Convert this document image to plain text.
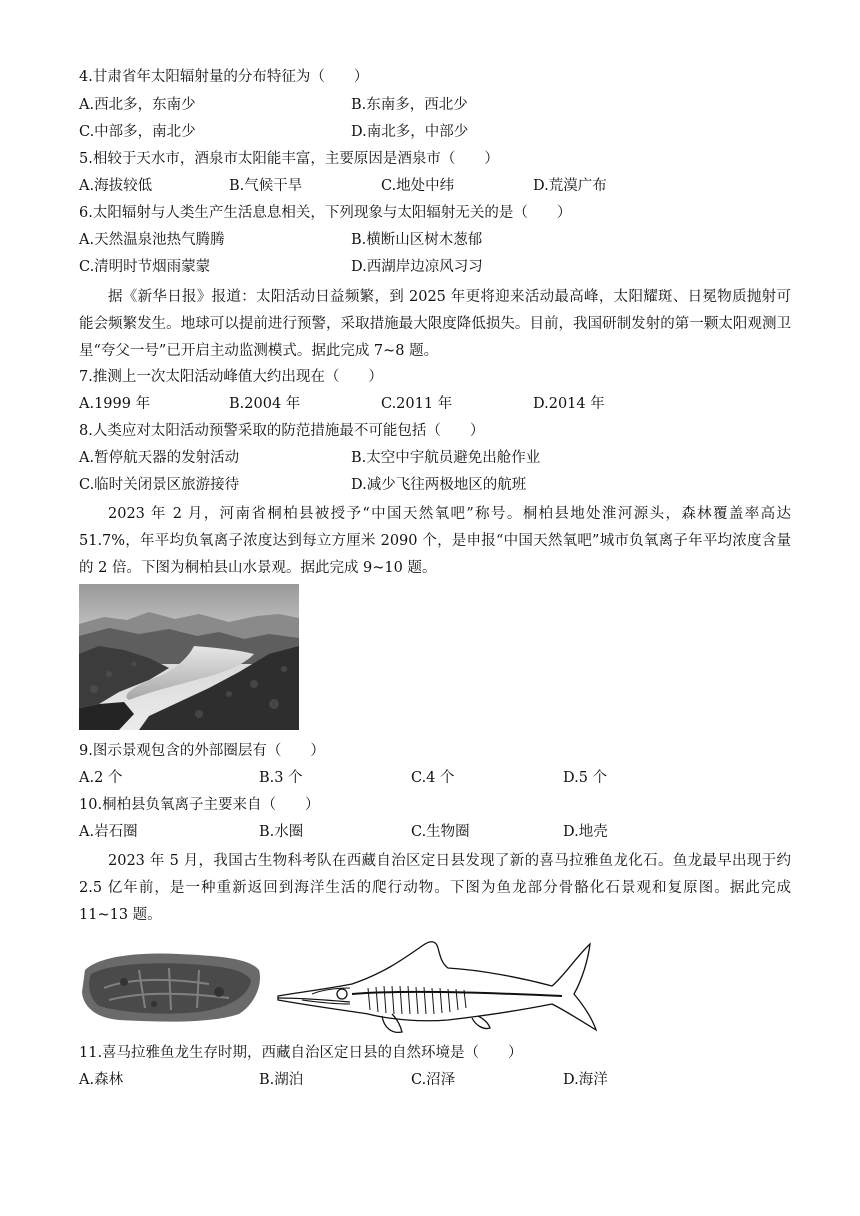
4.甘肃省年太阳辐射量的分布特征为（　　）
A.西北多，东南少	B.东南多，西北少
C.中部多，南北少	D.南北多，中部少
5.相较于天水市，酒泉市太阳能丰富，主要原因是酒泉市（　　）
A.海拔较低	B.气候干旱	C.地处中纬	D.荒漠广布
6.太阳辐射与人类生产生活息息相关，下列现象与太阳辐射无关的是（　　）
A.天然温泉池热气腾腾	B.横断山区树木葱郁
C.清明时节烟雨蒙蒙	D.西湖岸边凉风习习
据《新华日报》报道：太阳活动日益频繁，到 2025 年更将迎来活动最高峰，太阳耀斑、日冕物质抛射可能会频繁发生。地球可以提前进行预警，采取措施最大限度降低损失。目前，我国研制发射的第一颗太阳观测卫星“夸父一号”已开启主动监测模式。据此完成 7~8 题。
7.推测上一次太阳活动峰值大约出现在（　　）
A.1999 年	B.2004 年	C.2011 年	D.2014 年
8.人类应对太阳活动预警采取的防范措施最不可能包括（　　）
A.暂停航天器的发射活动	B.太空中宇航员避免出舱作业
C.临时关闭景区旅游接待	D.减少飞往两极地区的航班
2023 年 2 月，河南省桐柏县被授予“中国天然氧吧”称号。桐柏县地处淮河源头，森林覆盖率高达 51.7%，年平均负氧离子浓度达到每立方厘米 2090 个，是申报“中国天然氧吧”城市负氧离子年平均浓度含量的 2 倍。下图为桐柏县山水景观。据此完成 9~10 题。
9.图示景观包含的外部圈层有（　　）
A.2 个	B.3 个	C.4 个	D.5 个
10.桐柏县负氧离子主要来自（　　）
A.岩石圈	B.水圈	C.生物圈	D.地壳
2023 年 5 月，我国古生物科考队在西藏自治区定日县发现了新的喜马拉雅鱼龙化石。鱼龙最早出现于约 2.5 亿年前，是一种重新返回到海洋生活的爬行动物。下图为鱼龙部分骨骼化石景观和复原图。据此完成 11~13 题。
11.喜马拉雅鱼龙生存时期，西藏自治区定日县的自然环境是（　　）
A.森林	B.湖泊	C.沼泽	D.海洋
